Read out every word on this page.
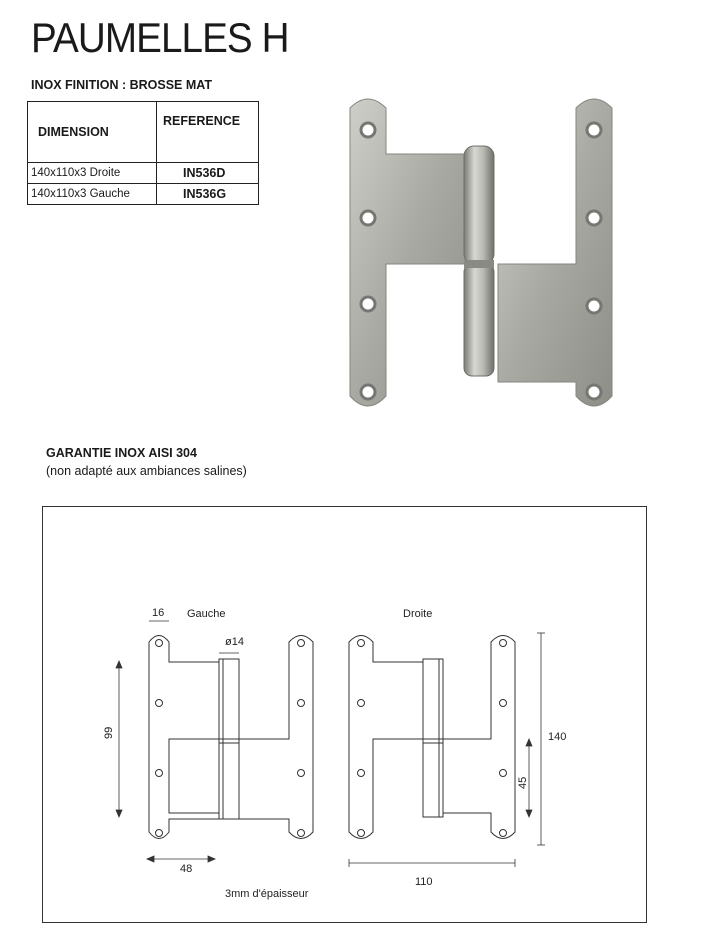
PAUMELLES H
INOX FINITION : BROSSE MAT
DIMENSION	REFERENCE
140x110x3 Droite	IN536D
140x110x3 Gauche	IN536G
GARANTIE INOX AISI 304
(non adapté aux ambiances salines)
16 Gauche
ø14
Droite
99	140
45
48
110
3mm d'épaisseur
